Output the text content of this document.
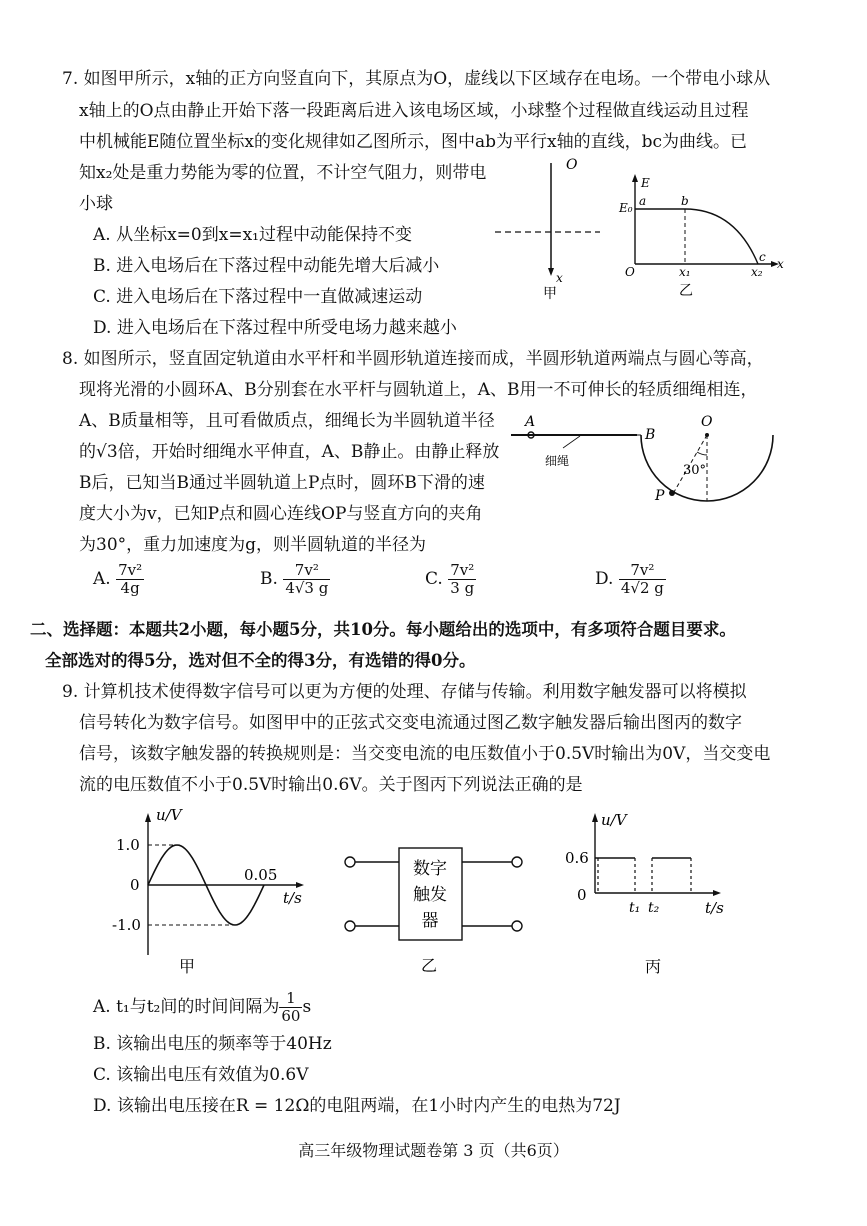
7. 如图甲所示，x轴的正方向竖直向下，其原点为O，虚线以下区域存在电场。一个带电小球从
x轴上的O点由静止开始下落一段距离后进入该电场区域，小球整个过程做直线运动且过程
中机械能E随位置坐标x的变化规律如乙图所示，图中ab为平行x轴的直线，bc为曲线。已
知x₂处是重力势能为零的位置，不计空气阻力，则带电
小球
A. 从坐标x=0到x=x₁过程中动能保持不变
B. 进入电场后在下落过程中动能先增大后减小
C. 进入电场后在下落过程中一直做减速运动
D. 进入电场后在下落过程中所受电场力越来越小
O
x
甲
E
E₀ a	b
c
O	x₁	x₂
x
乙
8. 如图所示，竖直固定轨道由水平杆和半圆形轨道连接而成，半圆形轨道两端点与圆心等高，
现将光滑的小圆环A、B分别套在水平杆与圆轨道上，A、B用一不可伸长的轻质细绳相连，
A、B质量相等，且可看做质点，细绳长为半圆轨道半径
的√3倍，开始时细绳水平伸直，A、B静止。由静止释放
B后，已知当B通过半圆轨道上P点时，圆环B下滑的速
度大小为v，已知P点和圆心连线OP与竖直方向的夹角
为30°，重力加速度为g，则半圆轨道的半径为
A
B
O
P
细绳
30°
A. $\frac{\text{7v²}}{4g}$	B. $\frac{\text{7v²}}{4√3 g}$	C. $\frac{\text{7v²}}{3 g}$	D. $\frac{\text{7v²}}{4√2 g}$
二、选择题：本题共2小题，每小题5分，共10分。每小题给出的选项中，有多项符合题目要求。
全部选对的得5分，选对但不全的得3分，有选错的得0分。
9. 计算机技术使得数字信号可以更为方便的处理、存储与传输。利用数字触发器可以将模拟
信号转化为数字信号。如图甲中的正弦式交变电流通过图乙数字触发器后输出图丙的数字
信号，该数字触发器的转换规则是：当交变电流的电压数值小于0.5V时输出为0V，当交变电
流的电压数值不小于0.5V时输出0.6V。关于图丙下列说法正确的是
u/V
t/s
1.0
0
-1.0
0.05
甲
数字
触发
器
乙
u/V
t/s
0.6
0
t₁ t₂
丙
A. t₁与t₂间的时间间隔为 $\frac{1}{60}$ s
B. 该输出电压的频率等于40Hz
C. 该输出电压有效值为0.6V
D. 该输出电压接在R = 12Ω的电阻两端，在1小时内产生的电热为72J
高三年级物理试题卷第 3 页（共6页）
